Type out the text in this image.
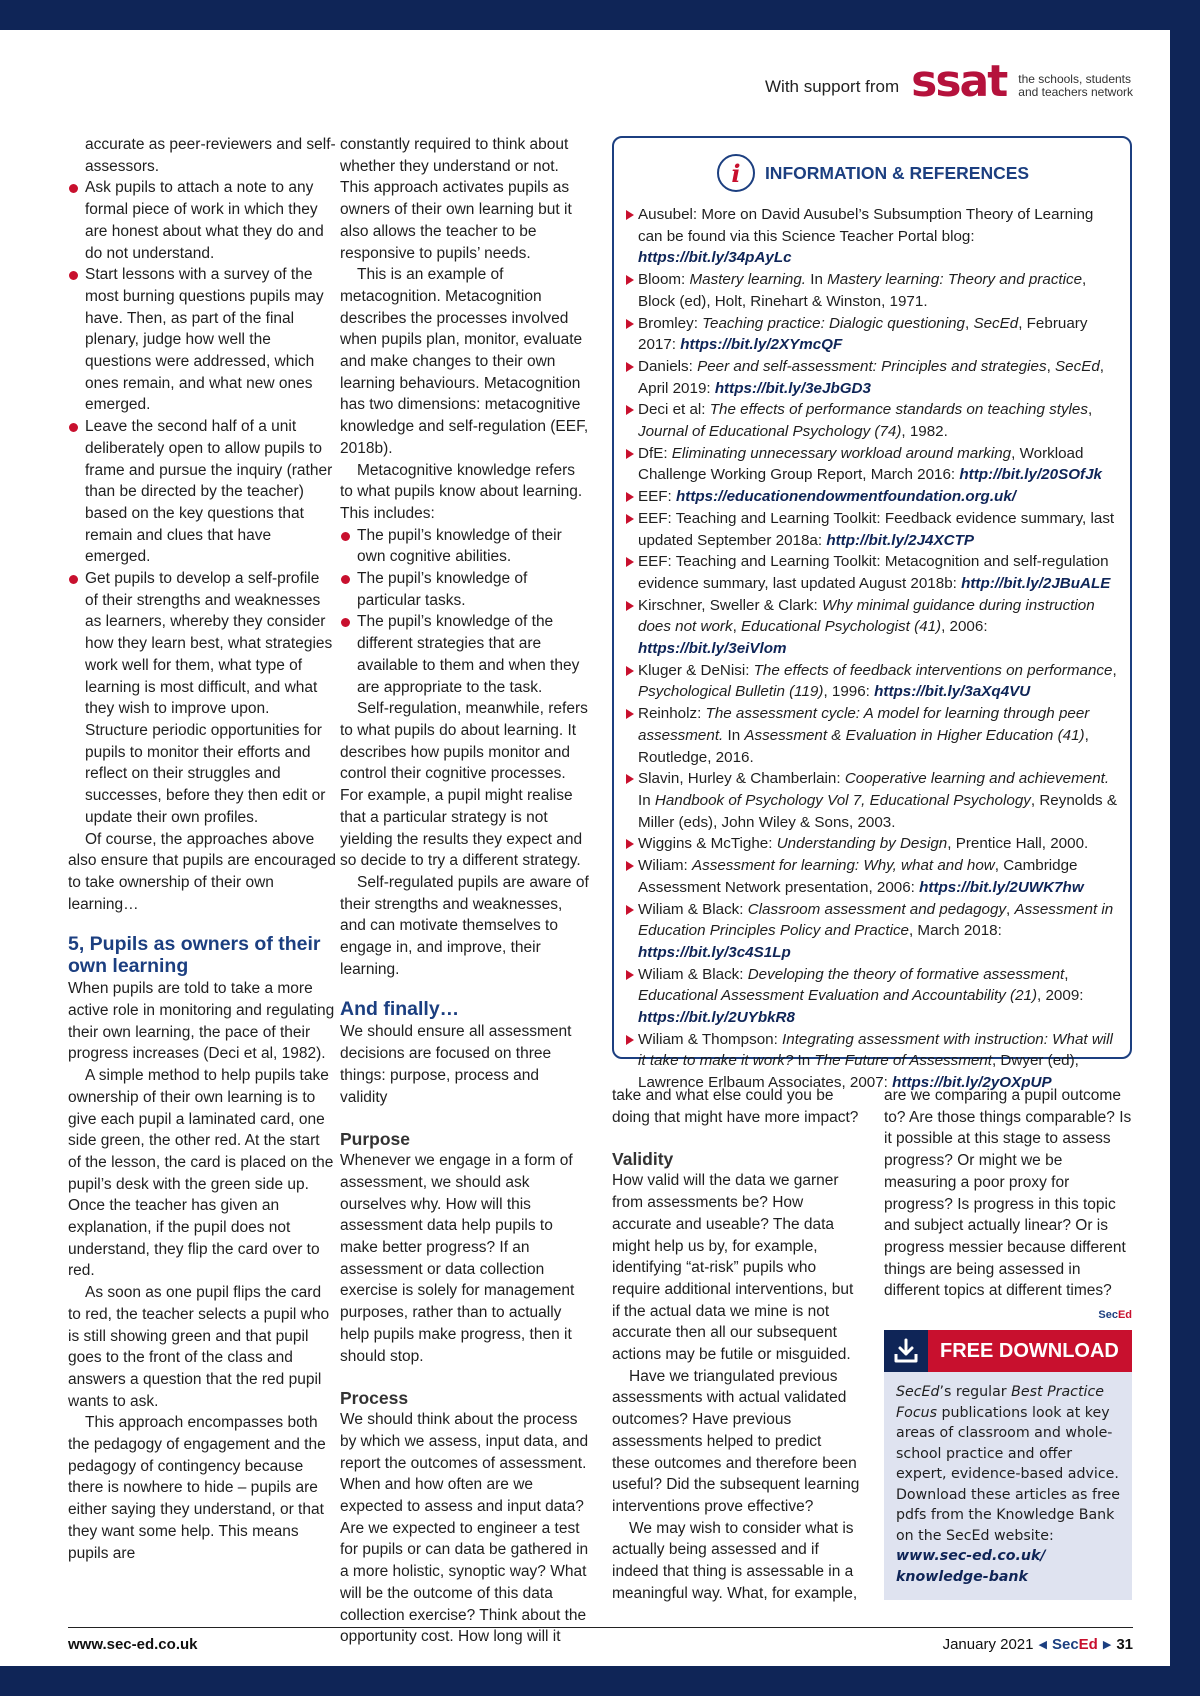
With support from ssat the schools, students
and teachers network

accurate as peer-reviewers and self-assessors.

Ask pupils to attach a note to any formal piece of work in which they are honest about what they do and do not understand.
Start lessons with a survey of the most burning questions pupils may have. Then, as part of the final plenary, judge how well the questions were addressed, which ones remain, and what new ones emerged.
Leave the second half of a unit deliberately open to allow pupils to frame and pursue the inquiry (rather than be directed by the teacher) based on the key questions that remain and clues that have emerged.
Get pupils to develop a self-profile of their strengths and weaknesses as learners, whereby they consider how they learn best, what strategies work well for them, what type of learning is most difficult, and what they wish to improve upon.

Structure periodic opportunities for pupils to monitor their efforts and reflect on their struggles and successes, before they then edit or update their own profiles.

Of course, the approaches above also ensure that pupils are encouraged to take ownership of their own learning…

5, Pupils as owners of their own learning

When pupils are told to take a more active role in monitoring and regulating their own learning, the pace of their progress increases (Deci et al, 1982).

A simple method to help pupils take ownership of their own learning is to give each pupil a laminated card, one side green, the other red. At the start of the lesson, the card is placed on the pupil’s desk with the green side up. Once the teacher has given an explanation, if the pupil does not understand, they flip the card over to red.

As soon as one pupil flips the card to red, the teacher selects a pupil who is still showing green and that pupil goes to the front of the class and answers a question that the red pupil wants to ask.

This approach encompasses both the pedagogy of engagement and the pedagogy of contingency because there is nowhere to hide – pupils are either saying they understand, or that they want some help. This means pupils are

constantly required to think about whether they understand or not. This approach activates pupils as owners of their own learning but it also allows the teacher to be responsive to pupils’ needs.

This is an example of metacognition. Metacognition describes the processes involved when pupils plan, monitor, evaluate and make changes to their own learning behaviours. Metacognition has two dimensions: metacognitive knowledge and self-regulation (EEF, 2018b).

Metacognitive knowledge refers to what pupils know about learning. This includes:

The pupil’s knowledge of their own cognitive abilities.
The pupil’s knowledge of particular tasks.
The pupil’s knowledge of the different strategies that are available to them and when they are appropriate to the task.

Self-regulation, meanwhile, refers to what pupils do about learning. It describes how pupils monitor and control their cognitive processes. For example, a pupil might realise that a particular strategy is not yielding the results they expect and so decide to try a different strategy.

Self-regulated pupils are aware of their strengths and weaknesses, and can motivate themselves to engage in, and improve, their learning.

And finally…

We should ensure all assessment decisions are focused on three things: purpose, process and validity

Purpose

Whenever we engage in a form of assessment, we should ask ourselves why. How will this assessment data help pupils to make better progress? If an assessment or data collection exercise is solely for management purposes, rather than to actually help pupils make progress, then it should stop.

Process

We should think about the process by which we assess, input data, and report the outcomes of assessment. When and how often are we expected to assess and input data? Are we expected to engineer a test for pupils or can data be gathered in a more holistic, synoptic way? What will be the outcome of this data collection exercise? Think about the opportunity cost. How long will it

i	INFORMATION & REFERENCES
Ausubel: More on David Ausubel’s Subsumption Theory of Learning can be found via this Science Teacher Portal blog: https://bit.ly/34pAyLc
Bloom: Mastery learning. In Mastery learning: Theory and practice, Block (ed), Holt, Rinehart & Winston, 1971.
Bromley: Teaching practice: Dialogic questioning, SecEd, February 2017: https://bit.ly/2XYmcQF
Daniels: Peer and self-assessment: Principles and strategies, SecEd, April 2019: https://bit.ly/3eJbGD3
Deci et al: The effects of performance standards on teaching styles, Journal of Educational Psychology (74), 1982.
DfE: Eliminating unnecessary workload around marking, Workload Challenge Working Group Report, March 2016: http://bit.ly/20SOfJk
EEF: https://educationendowmentfoundation.org.uk/
EEF: Teaching and Learning Toolkit: Feedback evidence summary, last updated September 2018a: http://bit.ly/2J4XCTP
EEF: Teaching and Learning Toolkit: Metacognition and self-regulation evidence summary, last updated August 2018b: http://bit.ly/2JBuALE
Kirschner, Sweller & Clark: Why minimal guidance during instruction does not work, Educational Psychologist (41), 2006: https://bit.ly/3eiVlom
Kluger & DeNisi: The effects of feedback interventions on performance, Psychological Bulletin (119), 1996: https://bit.ly/3aXq4VU
Reinholz: The assessment cycle: A model for learning through peer assessment. In Assessment & Evaluation in Higher Education (41), Routledge, 2016.
Slavin, Hurley & Chamberlain: Cooperative learning and achievement. In Handbook of Psychology Vol 7, Educational Psychology, Reynolds & Miller (eds), John Wiley & Sons, 2003.
Wiggins & McTighe: Understanding by Design, Prentice Hall, 2000.
Wiliam: Assessment for learning: Why, what and how, Cambridge Assessment Network presentation, 2006: https://bit.ly/2UWK7hw
Wiliam & Black: Classroom assessment and pedagogy, Assessment in Education Principles Policy and Practice, March 2018: https://bit.ly/3c4S1Lp
Wiliam & Black: Developing the theory of formative assessment, Educational Assessment Evaluation and Accountability (21), 2009: https://bit.ly/2UYbkR8
Wiliam & Thompson: Integrating assessment with instruction: What will it take to make it work? In The Future of Assessment, Dwyer (ed), Lawrence Erlbaum Associates, 2007: https://bit.ly/2yOXpUP

take and what else could you be doing that might have more impact?

Validity

How valid will the data we garner from assessments be? How accurate and useable? The data might help us by, for example, identifying “at-risk” pupils who require additional interventions, but if the actual data we mine is not accurate then all our subsequent actions may be futile or misguided.

Have we triangulated previous assessments with actual validated outcomes? Have previous assessments helped to predict these outcomes and therefore been useful? Did the subsequent learning interventions prove effective?

We may wish to consider what is actually being assessed and if indeed that thing is assessable in a meaningful way. What, for example,

are we comparing a pupil outcome to? Are those things comparable? Is it possible at this stage to assess progress? Or might we be measuring a poor proxy for progress? Is progress in this topic and subject actually linear? Or is progress messier because different things are being assessed in different topics at different times?
SecEd

FREE DOWNLOAD
SecEd’s regular Best Practice Focus publications look at key areas of classroom and whole-school practice and offer expert, evidence-based advice. Download these articles as free pdfs from the Knowledge Bank on the SecEd website: www.sec-ed.co.uk/ knowledge-bank
www.sec-ed.co.uk	January 2021 ◀ SecEd ▶ 31
